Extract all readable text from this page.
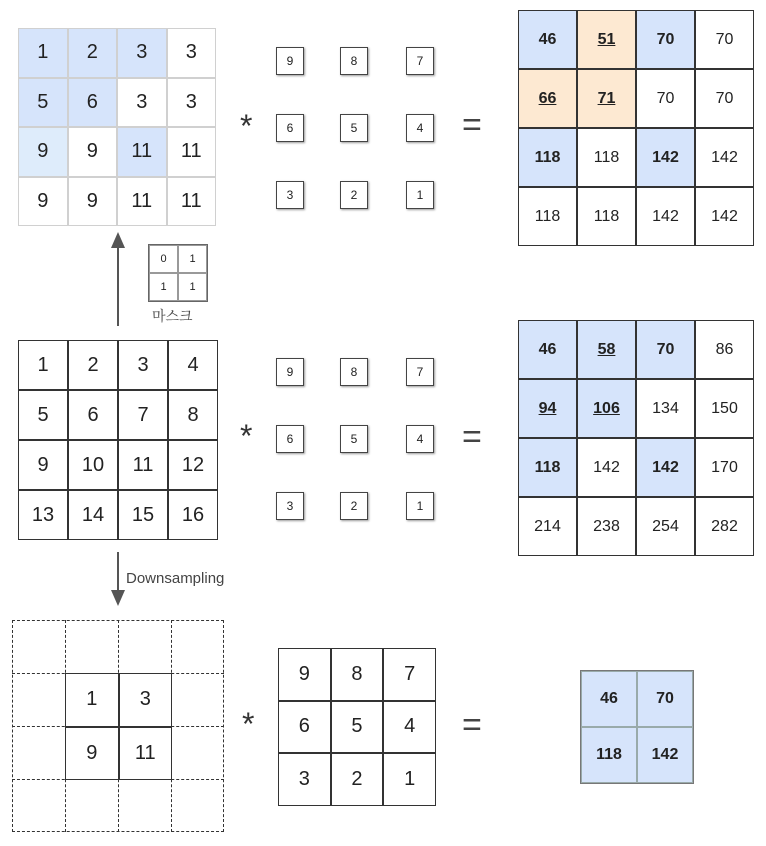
1	2	3	3
5	6	3	3
9	9	11	11
9	9	11	11
*
9	8	7
6	5	4
3	2	1
=
46	51	70	70
66	71	70	70
118	118	142	142
118	118	142	142
0	1
1	1
마스크
1	2	3	4
5	6	7	8
9	10	11	12
13	14	15	16
*
9	8	7
6	5	4
3	2	1
=
46	58	70	86
94	106	134	150
118	142	142	170
214	238	254	282
Downsampling
1	3
9	11
*
9	8	7
6	5	4
3	2	1
=
46	70
118	142
